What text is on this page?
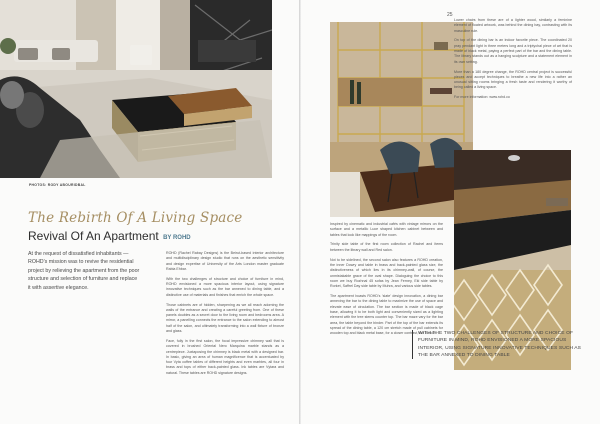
PHOTOS: RODY ABOURIDBAL
The Rebirth Of A Living Space
Revival Of An Apartment BY ROHD
At the request of dissatisfied inhabitants — ROHD's mission was to revive the residential project by relieving the apartment from the poor structure and selection of furniture and replace it with assertive elegance.

ROHD (Rachel Rabay Designs) is the Beirut-based interior architecture and multidisciplinary design studio that runs on the aesthetic sensitivity and design expertise of University of the Arts London master graduate Rabia Ehbar.

With the two challenges of structure and choice of furniture in mind, ROHD envisioned a more spacious interior layout, using signature innovative techniques such as the bar annexed to dining table, and a distinctive use of materials and finishes that enrich the whole space.

Those cabinets are of hidden, sharpening as we all reach adorning the walls of the entrance and creating a careful greeting from. One of these panels doubles as a secret door to the living room and bedrooms area. A mirror, a panelling connects the entrance to the salon extending to almost half of the salon, and ultimately transforming into a wall fixture of bronze and glass.

Face, fully in the first salon, the focal impressive chimney wall that is covered in brushed Oriental Nero Marquina marble stands as a centrepiece. Juxtaposing the chimney is black metal with a designed bar. In basic, giving an area of human magnificence that is accentuated by four Vyta coffee tables of different heights and even marbles, all four in brass and tops of either back-painted glass. Ink tables are Vytara and natural. These tables are ROHD signature designs.

25

Inspired by cinematic and industrial cafés with vintage mirrors on the surface and a metallic Luce shaped kitchen cabinet between and tables that look like mappings of the room.

Trinity side table of the first room collection of Rachel and items between the library wall and Red salon.

Not to be sidelined, the second salon also features a ROHD creation, the inner Dowry and table in brass and back-painted glass size, the distinctiveness of which lies in its chimney-wall, of course, the unmistakable grace of the oval shape. Dialoguing the choice to this room we buy Rozhnal 45 sofas by Jean Ferney, Eki side table by Rorket, Saffrel Day side table by Muhra, and various side tables.

The apartment boasts ROHD's 'slate' design innovation, a dining bar annexing the bar to the dining table to maximize the use of space and elevate ease of circulation. The bar section is made of black cage base, allowing it to be both light and conveniently sized as a lighting element with the tree stems counter top. The bar maze vary for the bar area, the table beyond the binder. Part of the top of the bar extends its spread of the dining table, a 120 cm stretch made of pull cabinets for wooden top and black metal base, for a closer contrast, the bottom.

Lower chairs from these are of a lighter wood, similarly a feminine element of floated artwork, was behind the dining bay, contrasting with its masculine rule.

On top of the dining bar is an indoor favorite piece. The coordinated 20 pray pendant light in three meters long and a triptychal piece of art that is made of black metal, paying a perfect part of the bar and the dining table. The library stands out as a hanging sculpture and a statement element in its own setting.

More than a 180 degree change, the ROHD central project is successful pieces and accept techniques to breathe a new life into a rather an unusual sitting rooms bringing a fresh taste and rendering it worthy of being called a living space.

For more information: www.rohd.co

WITH THE TWO CHALLENGES OF STRUCTURE AND CHOICE OF FURNITURE IN MIND, ROHD ENVISIONED A MORE SPACIOUS INTERIOR, USING SIGNATURE INNOVATIVE TECHNIQUES SUCH AS THE BAR ANNEXED TO DINING TABLE
